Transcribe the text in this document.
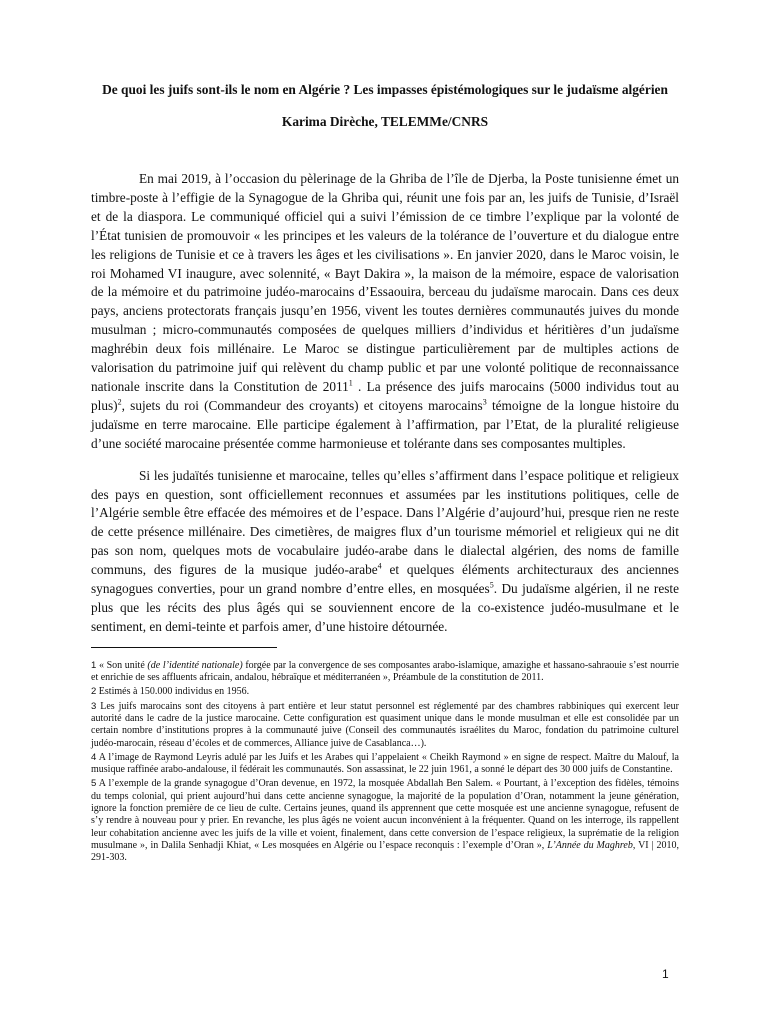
De quoi les juifs sont-ils le nom en Algérie ? Les impasses épistémologiques sur le judaïsme algérien

Karima Dirèche, TELEMMe/CNRS

En mai 2019, à l’occasion du pèlerinage de la Ghriba de l’île de Djerba, la Poste tunisienne émet un timbre-poste à l’effigie de la Synagogue de la Ghriba qui, réunit une fois par an, les juifs de Tunisie, d’Israël et de la diaspora. Le communiqué officiel qui a suivi l’émission de ce timbre l’explique par la volonté de l’État tunisien de promouvoir « les principes et les valeurs de la tolérance de l’ouverture et du dialogue entre les religions de Tunisie et ce à travers les âges et les civilisations ». En janvier 2020, dans le Maroc voisin, le roi Mohamed VI inaugure, avec solennité, « Bayt Dakira », la maison de la mémoire, espace de valorisation de la mémoire et du patrimoine judéo-marocains d’Essaouira, berceau du judaïsme marocain. Dans ces deux pays, anciens protectorats français jusqu’en 1956, vivent les toutes dernières communautés juives du monde musulman ; micro-communautés composées de quelques milliers d’individus et héritières d’un judaïsme maghrébin deux fois millénaire. Le Maroc se distingue particulièrement par de multiples actions de valorisation du patrimoine juif qui relèvent du champ public et par une volonté politique de reconnaissance nationale inscrite dans la Constitution de 2011$^1$ . La présence des juifs marocains (5000 individus tout au plus)$^2$, sujets du roi (Commandeur des croyants) et citoyens marocains$^3$ témoigne de la longue histoire du judaïsme en terre marocaine. Elle participe également à l’affirmation, par l’Etat, de la pluralité religieuse d’une société marocaine présentée comme harmonieuse et tolérante dans ses composantes multiples.

Si les judaïtés tunisienne et marocaine, telles qu’elles s’affirment dans l’espace politique et religieux des pays en question, sont officiellement reconnues et assumées par les institutions politiques, celle de l’Algérie semble être effacée des mémoires et de l’espace. Dans l’Algérie d’aujourd’hui, presque rien ne reste de cette présence millénaire. Des cimetières, de maigres flux d’un tourisme mémoriel et religieux qui ne dit pas son nom, quelques mots de vocabulaire judéo-arabe dans le dialectal algérien, des noms de famille communs, des figures de la musique judéo-arabe$^4$ et quelques éléments architecturaux des anciennes synagogues converties, pour un grand nombre d’entre elles, en mosquées$^5$. Du judaïsme algérien, il ne reste plus que les récits des plus âgés qui se souviennent encore de la co-existence judéo-musulmane et le sentiment, en demi-teinte et parfois amer, d’une histoire détournée.

1 « Son unité (de l’identité nationale) forgée par la convergence de ses composantes arabo-islamique, amazighe et hassano-sahraouie s’est nourrie et enrichie de ses affluents africain, andalou, hébraïque et méditerranéen », Préambule de la constitution de 2011.

2 Estimés à 150.000 individus en 1956.

3 Les juifs marocains sont des citoyens à part entière et leur statut personnel est réglementé par des chambres rabbiniques qui exercent leur autorité dans le cadre de la justice marocaine. Cette configuration est quasiment unique dans le monde musulman et elle est consolidée par un certain nombre d’institutions propres à la communauté juive (Conseil des communautés israélites du Maroc, fondation du patrimoine culturel judéo-marocain, réseau d’écoles et de commerces, Alliance juive de Casablanca…).

4 A l’image de Raymond Leyris adulé par les Juifs et les Arabes qui l’appelaient « Cheikh Raymond » en signe de respect. Maître du Malouf, la musique raffinée arabo-andalouse, il fédérait les communautés. Son assassinat, le 22 juin 1961, a sonné le départ des 30 000 juifs de Constantine.

5 A l’exemple de la grande synagogue d’Oran devenue, en 1972, la mosquée Abdallah Ben Salem. « Pourtant, à l’exception des fidèles, témoins du temps colonial, qui prient aujourd’hui dans cette ancienne synagogue, la majorité de la population d’Oran, notamment la jeune génération, ignore la fonction première de ce lieu de culte. Certains jeunes, quand ils apprennent que cette mosquée est une ancienne synagogue, refusent de s’y rendre à nouveau pour y prier. En revanche, les plus âgés ne voient aucun inconvénient à la fréquenter. Quand on les interroge, ils rappellent leur cohabitation ancienne avec les juifs de la ville et voient, finalement, dans cette conversion de l’espace religieux, la suprématie de la religion musulmane », in Dalila Senhadji Khiat, « Les mosquées en Algérie ou l’espace reconquis : l’exemple d’Oran », L’Année du Maghreb, VI | 2010, 291-303.

1
